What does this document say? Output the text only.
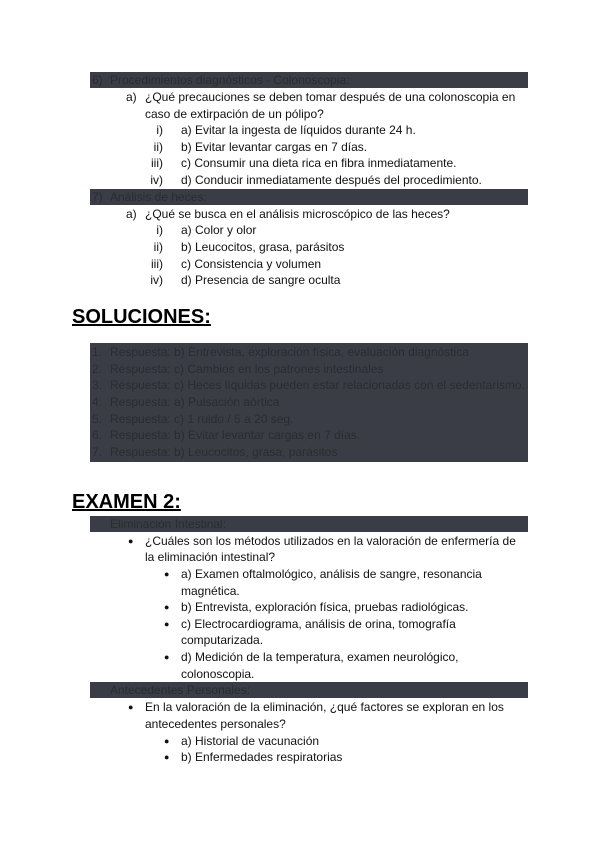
6) Procedimientos diagnósticos - Colonoscopia:
a) ¿Qué precauciones se deben tomar después de una colonoscopia en
caso de extirpación de un pólipo?
i) a) Evitar la ingesta de líquidos durante 24 h.
ii) b) Evitar levantar cargas en 7 días.
iii) c) Consumir una dieta rica en fibra inmediatamente.
iv) d) Conducir inmediatamente después del procedimiento.
7) Análisis de heces:
a) ¿Qué se busca en el análisis microscópico de las heces?
i) a) Color y olor
ii) b) Leucocitos, grasa, parásitos
iii) c) Consistencia y volumen
iv) d) Presencia de sangre oculta
SOLUCIONES:
1. Respuesta: b) Entrevista, exploración física, evaluación diagnóstica
2. Respuesta: c) Cambios en los patrones intestinales
3. Respuesta: c) Heces líquidas pueden estar relacionadas con el sedentarismo.
4. Respuesta: a) Pulsación aórtica
5. Respuesta: c) 1 ruido / 5 a 20 seg.
6. Respuesta: b) Evitar levantar cargas en 7 días.
7. Respuesta: b) Leucocitos, grasa, parásitos
EXAMEN 2:
Eliminación Intestinal:
● ¿Cuáles son los métodos utilizados en la valoración de enfermería de
la eliminación intestinal?
● a) Examen oftalmológico, análisis de sangre, resonancia
magnética.
● b) Entrevista, exploración física, pruebas radiológicas.
● c) Electrocardiograma, análisis de orina, tomografía
computarizada.
● d) Medición de la temperatura, examen neurológico,
colonoscopia.
Antecedentes Personales:
● En la valoración de la eliminación, ¿qué factores se exploran en los
antecedentes personales?
● a) Historial de vacunación
● b) Enfermedades respiratorias
